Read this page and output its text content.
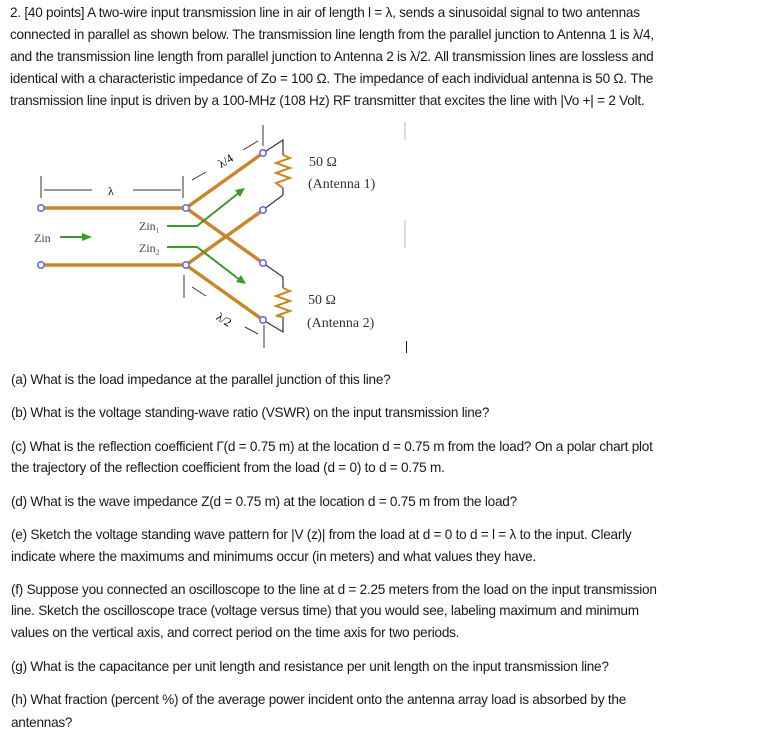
2. [40 points] A two-wire input transmission line in air of length l = λ, sends a sinusoidal signal to two antennas
connected in parallel as shown below. The transmission line length from the parallel junction to Antenna 1 is λ/4,
and the transmission line length from parallel junction to Antenna 2 is λ/2. All transmission lines are lossless and
identical with a characteristic impedance of Zo = 100 Ω. The impedance of each individual antenna is 50 Ω. The
transmission line input is driven by a 100-MHz (108 Hz) RF transmitter that excites the line with |Vo +| = 2 Volt.
λ
λ/4
λ/2
Zin
Zin₁
Zin₂
50 Ω
(Antenna 1)
50 Ω
(Antenna 2)
(a) What is the load impedance at the parallel junction of this line?
(b) What is the voltage standing-wave ratio (VSWR) on the input transmission line?
(c) What is the reflection coefficient Γ(d = 0.75 m) at the location d = 0.75 m from the load? On a polar chart plot
the trajectory of the reflection coefficient from the load (d = 0) to d = 0.75 m.
(d) What is the wave impedance Z(d = 0.75 m) at the location d = 0.75 m from the load?
(e) Sketch the voltage standing wave pattern for |V (z)| from the load at d = 0 to d = l = λ to the input. Clearly
indicate where the maximums and minimums occur (in meters) and what values they have.
(f) Suppose you connected an oscilloscope to the line at d = 2.25 meters from the load on the input transmission
line. Sketch the oscilloscope trace (voltage versus time) that you would see, labeling maximum and minimum
values on the vertical axis, and correct period on the time axis for two periods.
(g) What is the capacitance per unit length and resistance per unit length on the input transmission line?
(h) What fraction (percent %) of the average power incident onto the antenna array load is absorbed by the
antennas?
